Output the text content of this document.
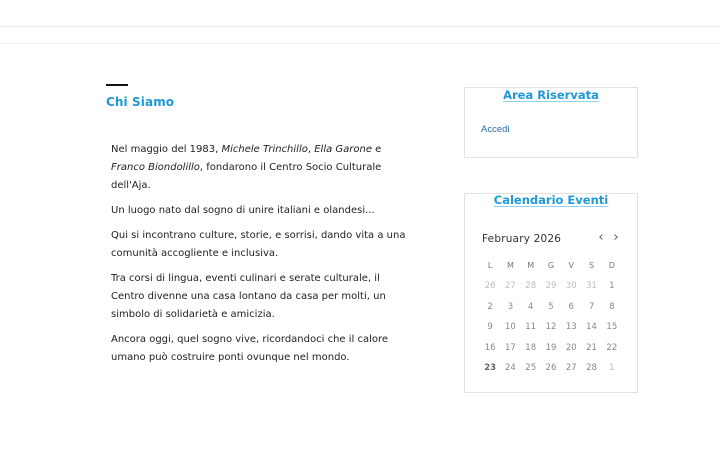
Chi Siamo

Nel maggio del 1983, Michele Trinchillo, Ella Garone e Franco Biondolillo, fondarono il Centro Socio Culturale dell'Aja.

Un luogo nato dal sogno di unire italiani e olandesi...

Qui si incontrano culture, storie, e sorrisi, dando vita a una comunità accogliente e inclusiva.

Tra corsi di lingua, eventi culinari e serate culturale, il Centro divenne una casa lontano da casa per molti, un simbolo di solidarietà e amicizia.

Ancora oggi, quel sogno vive, ricordandoci che il calore umano può costruire ponti ovunque nel mondo.

Area Riservata
Accedi
Calendario Eventi
February 2026	‹ ›
L	M	M	G	V	S	D
26	27	28	29	30	31	1
2	3	4	5	6	7	8
9	10	11	12	13	14	15
16	17	18	19	20	21	22
23	24	25	26	27	28	1
